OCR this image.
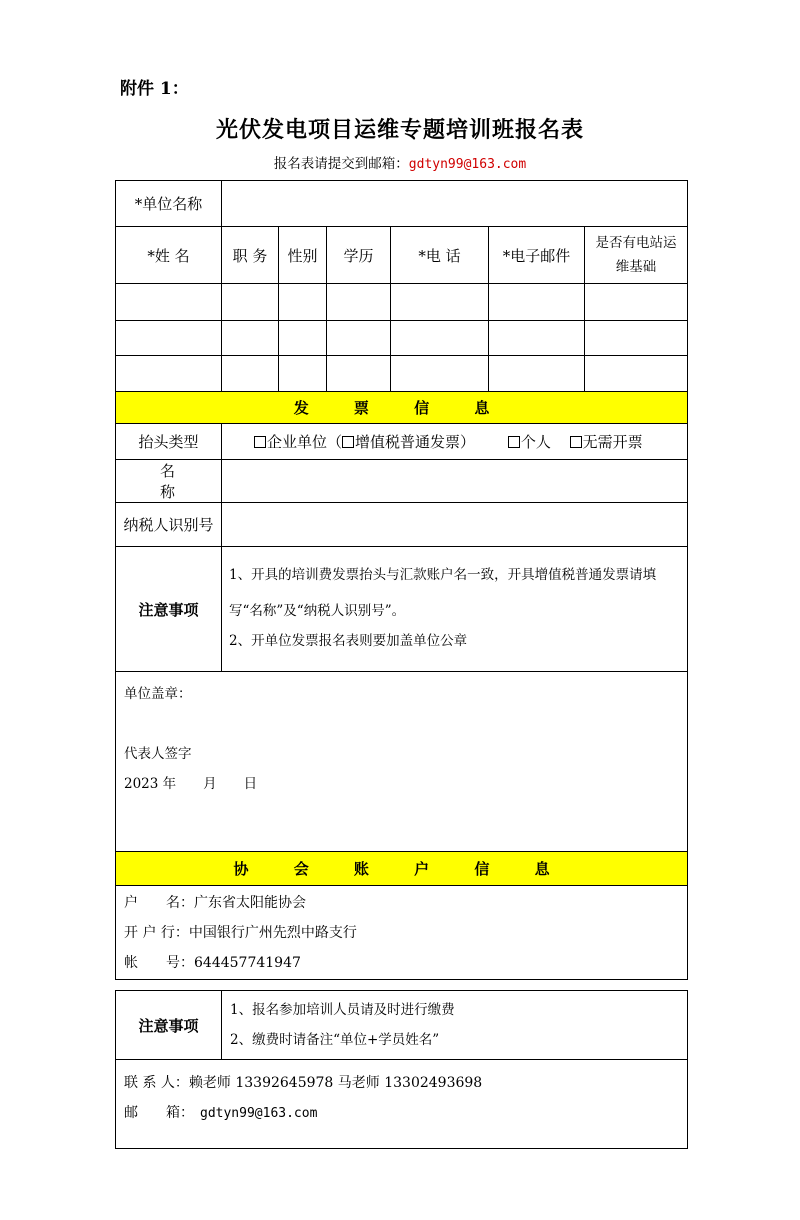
附件 1：
光伏发电项目运维专题培训班报名表
报名表请提交到邮箱：gdtyn99@163.com
*单位名称						
*姓 名	职 务	性别	学历	*电 话	*电子邮件	是否有电站运维基础

发 票 信 息						
抬头类型	企业单位（ 增值税普通发票） 个人 无需开票					
名 称						
纳税人识别号						
注意事项	1、开具的培训费发票抬头与汇款账户名一致，开具增值税普通发票请填写“名称”及“纳税人识别号”。

2、开单位发票报名表则要加盖单位公章					

单位盖章：
代表人签字
2023 年　　月　　日						

协 会 账 户 信 息						

户　　名：广东省太阳能协会
开 户 行：中国银行广州先烈中路支行
帐　　号：644457741947						
注意事项	

1、报名参加培训人员请及时进行缴费

2、缴费时请备注“单位+学员姓名”

联 系 人：赖老师 13392645978 马老师 13302493698
邮　　箱： gdtyn99@163.com
